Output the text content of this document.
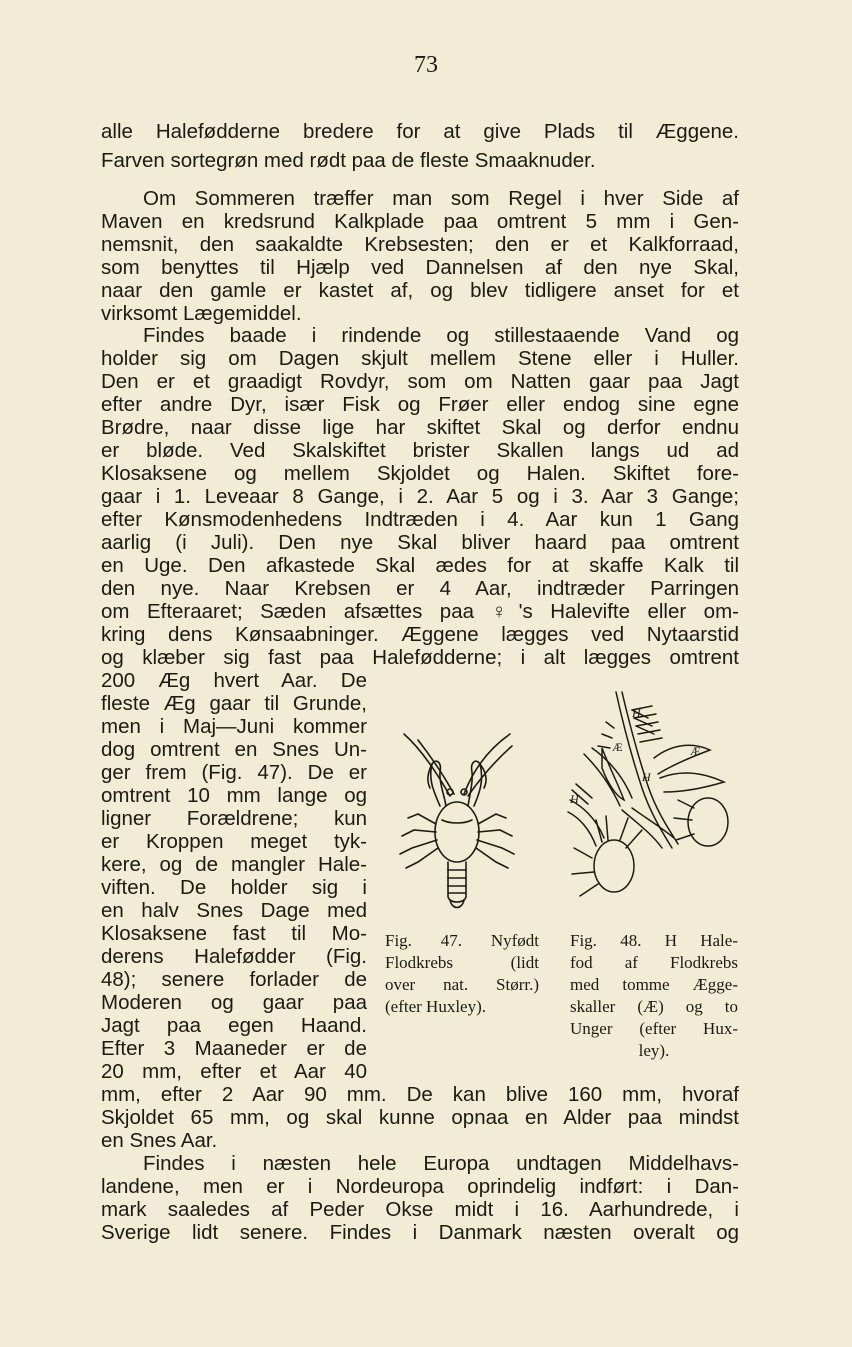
73
alle Halefødderne bredere for at give Plads til Æggene.
Farven sortegrøn med rødt paa de fleste Smaaknuder.
Om Sommeren træffer man som Regel i hver Side af
Maven en kredsrund Kalkplade paa omtrent 5 mm i Gen-
nemsnit, den saakaldte Krebsesten; den er et Kalkforraad,
som benyttes til Hjælp ved Dannelsen af den nye Skal,
naar den gamle er kastet af, og blev tidligere anset for et
virksomt Lægemiddel.
Findes baade i rindende og stillestaaende Vand og
holder sig om Dagen skjult mellem Stene eller i Huller.
Den er et graadigt Rovdyr, som om Natten gaar paa Jagt
efter andre Dyr, især Fisk og Frøer eller endog sine egne
Brødre, naar disse lige har skiftet Skal og derfor endnu
er bløde. Ved Skalskiftet brister Skallen langs ud ad
Klosaksene og mellem Skjoldet og Halen. Skiftet fore-
gaar i 1. Leveaar 8 Gange, i 2. Aar 5 og i 3. Aar 3 Gange;
efter Kønsmodenhedens Indtræden i 4. Aar kun 1 Gang
aarlig (i Juli). Den nye Skal bliver haard paa omtrent
en Uge. Den afkastede Skal ædes for at skaffe Kalk til
den nye. Naar Krebsen er 4 Aar, indtræder Parringen
om Efteraaret; Sæden afsættes paa ♀'s Halevifte eller om-
kring dens Kønsaabninger. Æggene lægges ved Nytaarstid
og klæber sig fast paa Halefødderne; i alt lægges omtrent
200 Æg hvert Aar. De
fleste Æg gaar til Grunde,
men i Maj—Juni kommer
dog omtrent en Snes Un-
ger frem (Fig. 47). De er
omtrent 10 mm lange og
ligner Forældrene; kun
er Kroppen meget tyk-
kere, og de mangler Hale-
viften. De holder sig i
en halv Snes Dage med
Klosaksene fast til Mo-
derens Halefødder (Fig.
48); senere forlader de
Moderen og gaar paa
Jagt paa egen Haand.
Efter 3 Maaneder er de
20 mm, efter et Aar 40
mm, efter 2 Aar 90 mm. De kan blive 160 mm, hvoraf
Skjoldet 65 mm, og skal kunne opnaa en Alder paa mindst
en Snes Aar.
Findes i næsten hele Europa undtagen Middelhavs-
landene, men er i Nordeuropa oprindelig indført: i Dan-
mark saaledes af Peder Okse midt i 16. Aarhundrede, i
Sverige lidt senere. Findes i Danmark næsten overalt og
H
Æ	Æ
H
H
Fig. 47. Nyfødt
Flodkrebs (lidt
over nat. Størr.)
(efter Huxley).
Fig. 48. H Hale-
fod af Flodkrebs
med tomme Ægge-
skaller (Æ) og to
Unger (efter Hux-
ley).
